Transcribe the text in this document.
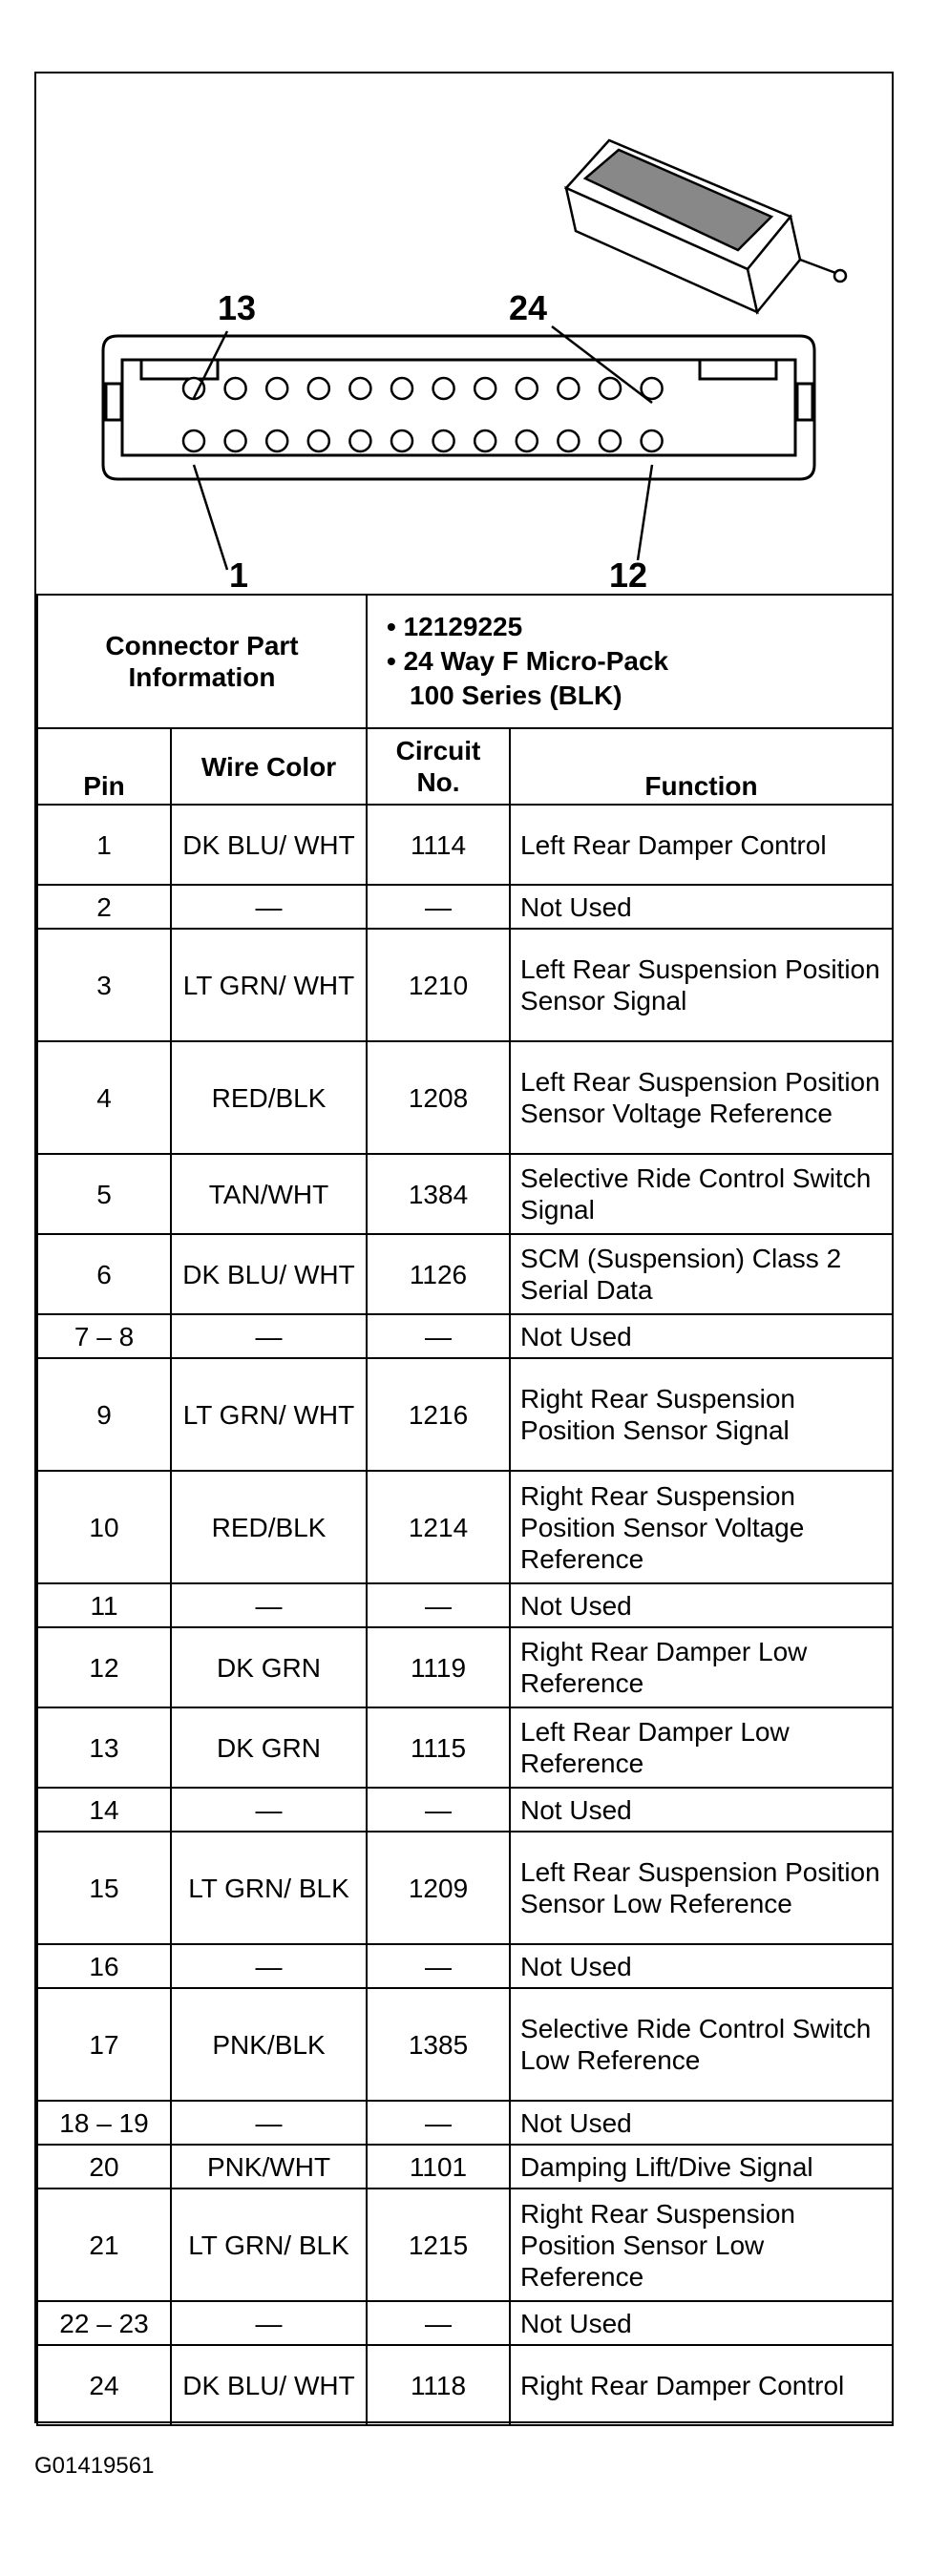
13	24
1	12
Connector Part Information		• 12129225
• 24 Way F Micro-Pack
100 Series (BLK)	

Pin	Wire Color	Circuit No.	Function
1	DK BLU/ WHT	1114	Left Rear Damper Control
2	—	—	Not Used
3	LT GRN/ WHT	1210	Left Rear Suspension Position Sensor Signal
4	RED/BLK	1208	Left Rear Suspension Position Sensor Voltage Reference
5	TAN/WHT	1384	Selective Ride Control Switch Signal
6	DK BLU/ WHT	1126	SCM (Suspension) Class 2 Serial Data
7 – 8	—	—	Not Used
9	LT GRN/ WHT	1216	Right Rear Suspension Position Sensor Signal
10	RED/BLK	1214	Right Rear Suspension Position Sensor Voltage Reference
11	—	—	Not Used
12	DK GRN	1119	Right Rear Damper Low Reference
13	DK GRN	1115	Left Rear Damper Low Reference
14	—	—	Not Used
15	LT GRN/ BLK	1209	Left Rear Suspension Position Sensor Low Reference
16	—	—	Not Used
17	PNK/BLK	1385	Selective Ride Control Switch Low Reference
18 – 19	—	—	Not Used
20	PNK/WHT	1101	Damping Lift/Dive Signal
21	LT GRN/ BLK	1215	Right Rear Suspension Position Sensor Low Reference
22 – 23	—	—	Not Used
24	DK BLU/ WHT	1118	Right Rear Damper Control
G01419561
